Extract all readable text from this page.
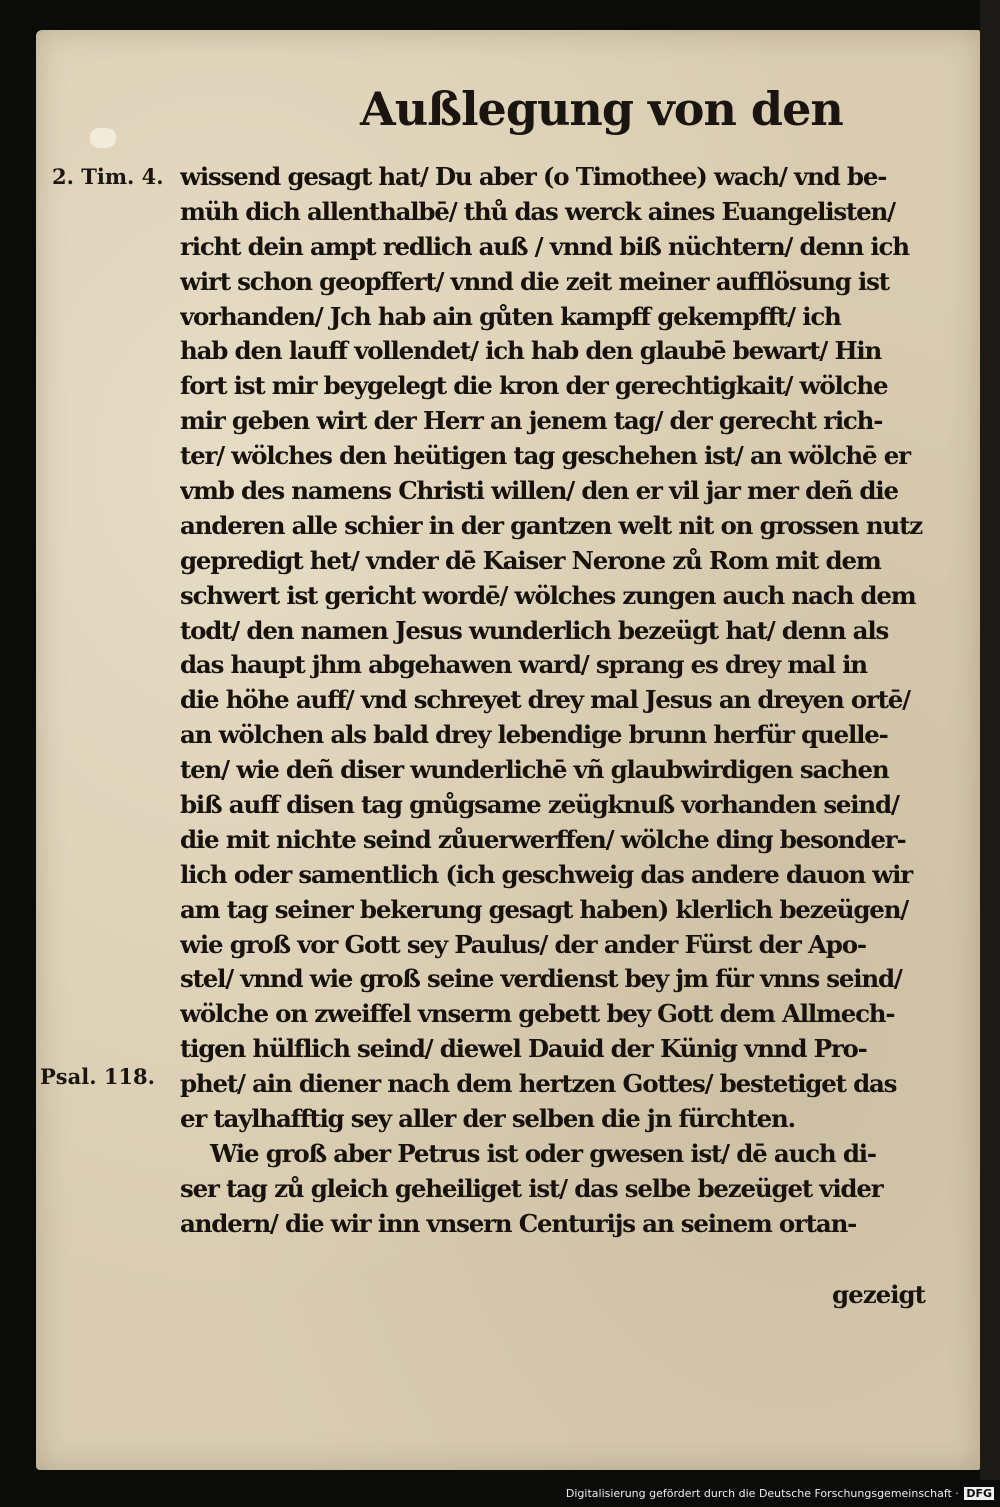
Außlegung von den
2. Tim. 4.
Psal. 118.
wissend gesagt hat/ Du aber (o Timothee) wach/ vnd be-
müh dich allenthalbē/ thů das werck aines Euangelisten/
richt dein ampt redlich auß / vnnd biß nüchtern/ denn ich
wirt schon geopffert/ vnnd die zeit meiner aufflösung ist
vorhanden/ Jch hab ain gůten kampff gekempfft/ ich
hab den lauff vollendet/ ich hab den glaubē bewart/ Hin
fort ist mir beygelegt die kron der gerechtigkait/ wölche
mir geben wirt der Herr an jenem tag/ der gerecht rich-
ter/ wölches den heütigen tag geschehen ist/ an wölchē er
vmb des namens Christi willen/ den er vil jar mer deñ die
anderen alle schier in der gantzen welt nit on grossen nutz
gepredigt het/ vnder dē Kaiser Nerone zů Rom mit dem
schwert ist gericht wordē/ wölches zungen auch nach dem
todt/ den namen Jesus wunderlich bezeügt hat/ denn als
das haupt jhm abgehawen ward/ sprang es drey mal in
die höhe auff/ vnd schreyet drey mal Jesus an dreyen ortē/
an wölchen als bald drey lebendige brunn herfür quelle-
ten/ wie deñ diser wunderlichē vñ glaubwirdigen sachen
biß auff disen tag gnůgsame zeügknuß vorhanden seind/
die mit nichte seind zůuerwerffen/ wölche ding besonder-
lich oder samentlich (ich geschweig das andere dauon wir
am tag seiner bekerung gesagt haben) klerlich bezeügen/
wie groß vor Gott sey Paulus/ der ander Fürst der Apo-
stel/ vnnd wie groß seine verdienst bey jm für vnns seind/
wölche on zweiffel vnserm gebett bey Gott dem Allmech-
tigen hülflich seind/ diewel Dauid der Künig vnnd Pro-
phet/ ain diener nach dem hertzen Gottes/ bestetiget das
er taylhafftig sey aller der selben die jn fürchten.
Wie groß aber Petrus ist oder gwesen ist/ dē auch di-
ser tag zů gleich geheiliget ist/ das selbe bezeüget vider
andern/ die wir inn vnsern Centurijs an seinem ortan-
gezeigt
Digitalisierung gefördert durch die Deutsche Forschungsgemeinschaft · DFG
